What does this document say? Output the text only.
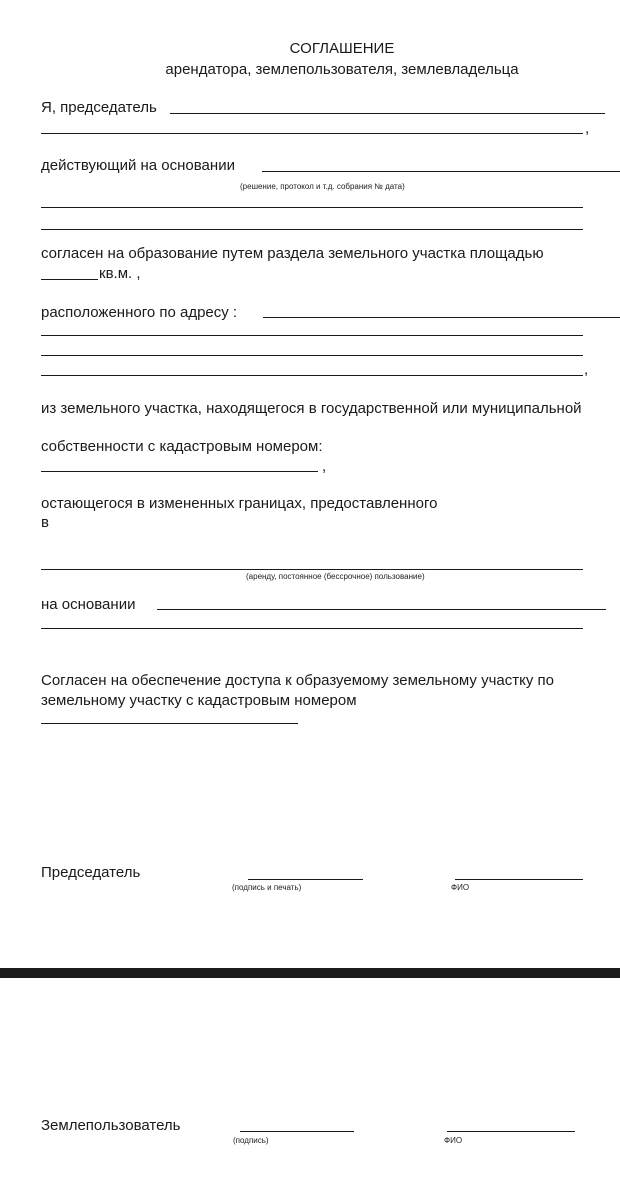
СОГЛАШЕНИЕ
арендатора, землепользователя, землевладельца
Я, председатель
,
действующий на основании
(решение, протокол и т.д. собрания № дата)
согласен на образование путем раздела земельного участка площадью
кв.м. ,
расположенного по адресу :
,
из земельного участка, находящегося в государственной или муниципальной
собственности с кадастровым номером:
,
остающегося в измененных границах, предоставленного
в
(аренду, постоянное (бессрочное) пользование)
на основании
Согласен на обеспечение доступа к образуемому земельному участку по
земельному участку с кадастровым номером
Председатель
(подпись и печать)	ФИО
Землепользователь
(подпись)	ФИО
